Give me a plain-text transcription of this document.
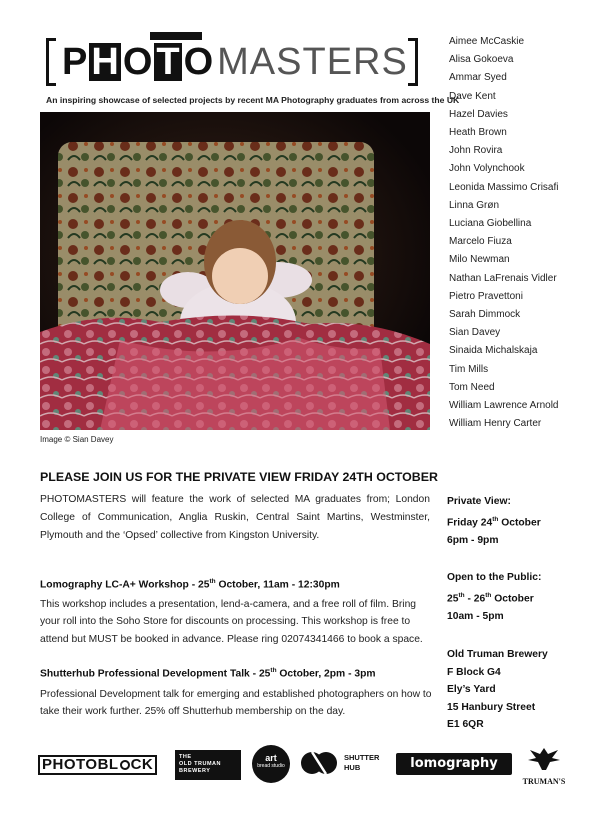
P H O T O MASTERS
An inspiring showcase of selected projects by recent MA Photography graduates from across the UK
Image © Sian Davey
Aimee McCaskie
Alisa Gokoeva
Ammar Syed
Dave Kent
Hazel Davies
Heath Brown
John Rovira
John Volynchook
Leonida Massimo Crisafi
Linna Grøn
Luciana Giobellina
Marcelo Fiuza
Milo Newman
Nathan LaFrenais Vidler
Pietro Pravettoni
Sarah Dimmock
Sian Davey
Sinaida Michalskaja
Tim Mills
Tom Need
William Lawrence Arnold
William Henry Carter
PLEASE JOIN US FOR THE PRIVATE VIEW FRIDAY 24TH OCTOBER

PHOTOMASTERS will feature the work of selected MA graduates from; London College of Communication, Anglia Ruskin, Central Saint Martins, Westminster, Plymouth and the ‘Opsed’ collective from Kingston University.

Lomography LC-A+ Workshop - 25th October, 11am - 12:30pm

This workshop includes a presentation, lend-a-camera, and a free roll of film. Bring your roll into the Soho Store for discounts on processing. This workshop is free to attend but MUST be booked in advance. Please ring 02074341466 to book a space.

Shutterhub Professional Development Talk - 25th October, 2pm - 3pm

Professional Development talk for emerging and established photographers on how to take their work further. 25% off Shutterhub membership on the day.

Private View:
Friday 24th October
6pm - 9pm
Open to the Public:
25th - 26th October
10am - 5pm
Old Truman Brewery
F Block G4
Ely’s Yard
15 Hanbury Street
E1 6QR
PHOTOBL CK	THE
OLD TRUMAN
BREWERY
art
bread studio
SHUTTER
HUB	lomography
TRUMAN'S
